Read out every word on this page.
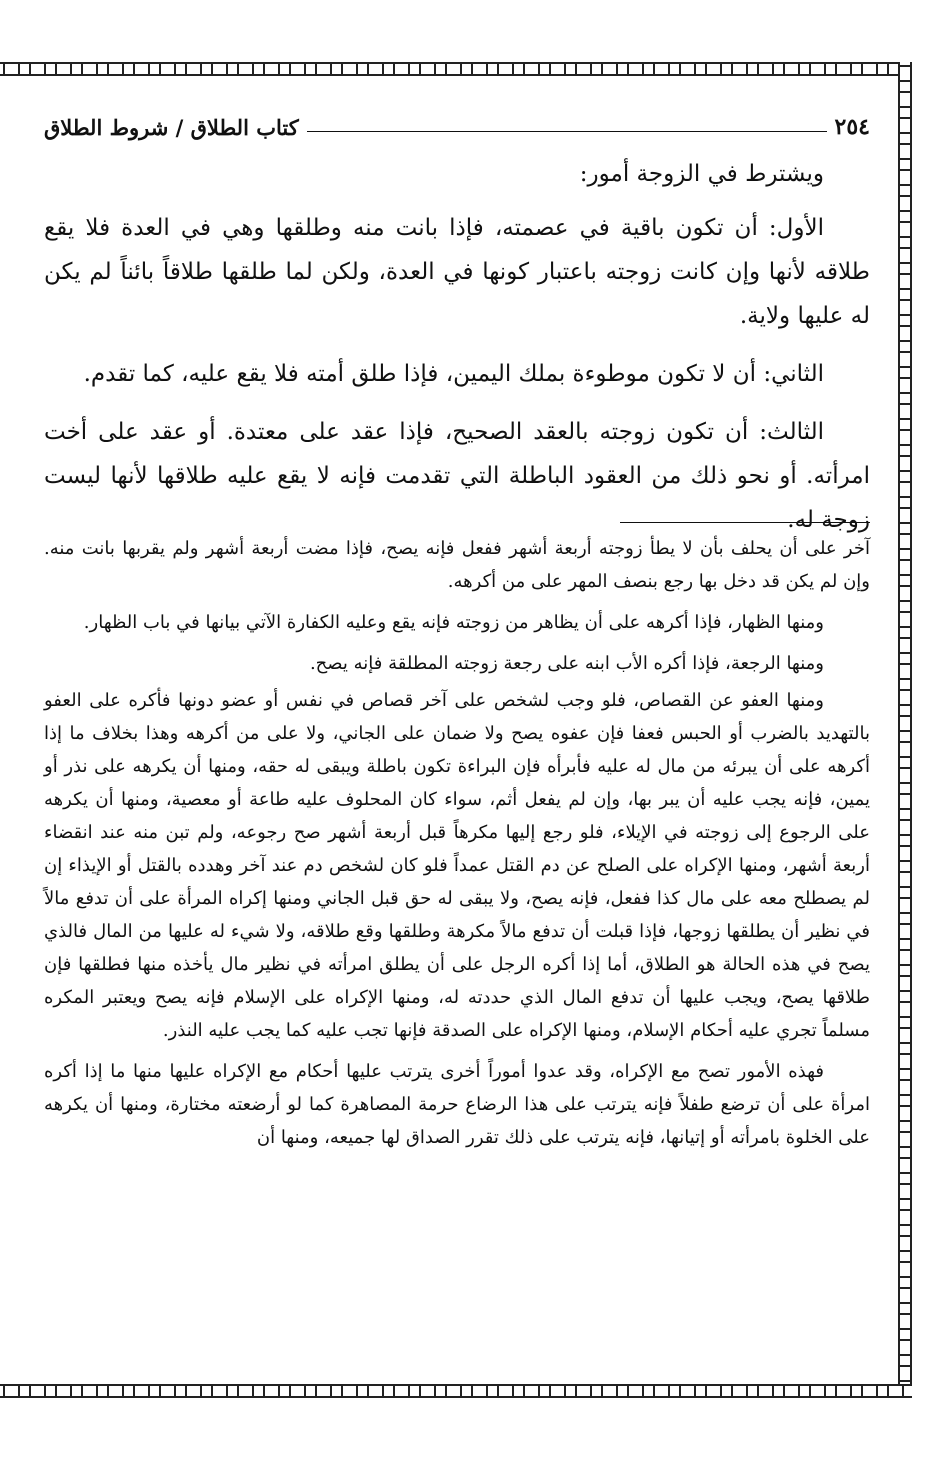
٢٥٤
كتاب الطلاق / شروط الطلاق

ويشترط في الزوجة أمور:

الأول: أن تكون باقية في عصمته، فإذا بانت منه وطلقها وهي في العدة فلا يقع طلاقه لأنها وإن كانت زوجته باعتبار كونها في العدة، ولكن لما طلقها طلاقاً بائناً لم يكن له عليها ولاية.

الثاني: أن لا تكون موطوءة بملك اليمين، فإذا طلق أمته فلا يقع عليه، كما تقدم.

الثالث: أن تكون زوجته بالعقد الصحيح، فإذا عقد على معتدة. أو عقد على أخت امرأته. أو نحو ذلك من العقود الباطلة التي تقدمت فإنه لا يقع عليه طلاقها لأنها ليست زوجة له.

آخر على أن يحلف بأن لا يطأ زوجته أربعة أشهر ففعل فإنه يصح، فإذا مضت أربعة أشهر ولم يقربها بانت منه. وإن لم يكن قد دخل بها رجع بنصف المهر على من أكرهه.

ومنها الظهار، فإذا أكرهه على أن يظاهر من زوجته فإنه يقع وعليه الكفارة الآتي بيانها في باب الظهار.

ومنها الرجعة، فإذا أكره الأب ابنه على رجعة زوجته المطلقة فإنه يصح.

ومنها العفو عن القصاص، فلو وجب لشخص على آخر قصاص في نفس أو عضو دونها فأكره على العفو بالتهديد بالضرب أو الحبس فعفا فإن عفوه يصح ولا ضمان على الجاني، ولا على من أكرهه وهذا بخلاف ما إذا أكرهه على أن يبرئه من مال له عليه فأبرأه فإن البراءة تكون باطلة ويبقى له حقه، ومنها أن يكرهه على نذر أو يمين، فإنه يجب عليه أن يبر بها، وإن لم يفعل أثم، سواء كان المحلوف عليه طاعة أو معصية، ومنها أن يكرهه على الرجوع إلى زوجته في الإيلاء، فلو رجع إليها مكرهاً قبل أربعة أشهر صح رجوعه، ولم تبن منه عند انقضاء أربعة أشهر، ومنها الإكراه على الصلح عن دم القتل عمداً فلو كان لشخص دم عند آخر وهدده بالقتل أو الإيذاء إن لم يصطلح معه على مال كذا ففعل، فإنه يصح، ولا يبقى له حق قبل الجاني ومنها إكراه المرأة على أن تدفع مالاً في نظير أن يطلقها زوجها، فإذا قبلت أن تدفع مالاً مكرهة وطلقها وقع طلاقه، ولا شيء له عليها من المال فالذي يصح في هذه الحالة هو الطلاق، أما إذا أكره الرجل على أن يطلق امرأته في نظير مال يأخذه منها فطلقها فإن طلاقها يصح، ويجب عليها أن تدفع المال الذي حددته له، ومنها الإكراه على الإسلام فإنه يصح ويعتبر المكره مسلماً تجري عليه أحكام الإسلام، ومنها الإكراه على الصدقة فإنها تجب عليه كما يجب عليه النذر.

فهذه الأمور تصح مع الإكراه، وقد عدوا أموراً أخرى يترتب عليها أحكام مع الإكراه عليها منها ما إذا أكره امرأة على أن ترضع طفلاً فإنه يترتب على هذا الرضاع حرمة المصاهرة كما لو أرضعته مختارة، ومنها أن يكرهه على الخلوة بامرأته أو إتيانها، فإنه يترتب على ذلك تقرر الصداق لها جميعه، ومنها أن
